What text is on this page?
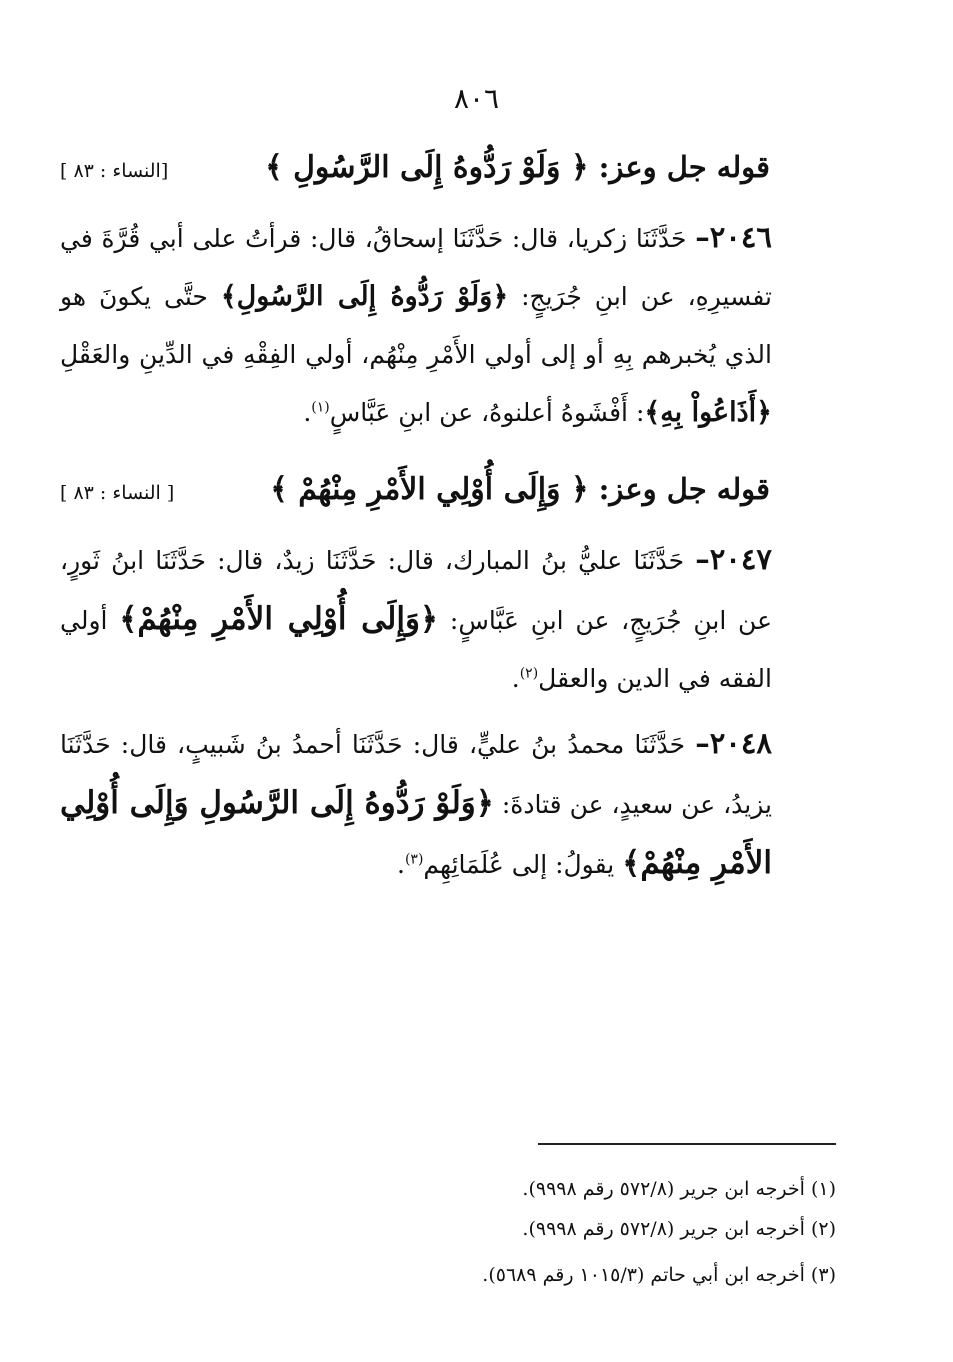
٨٠٦
قوله جل وعز: ﴿ وَلَوْ رَدُّوهُ إِلَى الرَّسُولِ ﴾
[النساء : ٨٣ ]
٢٠٤٦– حَدَّثَنَا زكريا، قال: حَدَّثَنَا إسحاقُ، قال: قرأتُ على أبي قُرَّةَ في تفسيرِهِ، عن ابنِ جُرَيجٍ: ﴿وَلَوْ رَدُّوهُ إِلَى الرَّسُولِ﴾ حتَّى يكونَ هو الذي يُخبرهم بِهِ أو إلى أولي الأَمْرِ مِنْهُم، أولي الفِقْهِ في الدِّينِ والعَقْلِ ﴿أَذَاعُواْ بِهِ﴾: أَفْشَوهُ أعلنوهُ، عن ابنِ عَبَّاسٍ$^{(١)}$.
قوله جل وعز: ﴿ وَإِلَى أُوْلِي الأَمْرِ مِنْهُمْ ﴾
[ النساء : ٨٣ ]
٢٠٤٧– حَدَّثَنَا عليُّ بنُ المبارك، قال: حَدَّثَنَا زيدٌ، قال: حَدَّثَنَا ابنُ ثَورٍ، عن ابنِ جُرَيجٍ، عن ابنِ عَبَّاسٍ: ﴿وَإِلَى أُوْلِي الأَمْرِ مِنْهُمْ﴾ أولي الفقه في الدين والعقل$^{(٢)}$.
٢٠٤٨– حَدَّثَنَا محمدُ بنُ عليٍّ، قال: حَدَّثَنَا أحمدُ بنُ شَبيبٍ، قال: حَدَّثَنَا يزيدُ، عن سعيدٍ، عن قتادةَ: ﴿وَلَوْ رَدُّوهُ إِلَى الرَّسُولِ وَإِلَى أُوْلِي الأَمْرِ مِنْهُمْ﴾ يقولُ: إلى عُلَمَائِهِم$^{(٣)}$.
(١) أخرجه ابن جرير (٥٧٢/٨ رقم ٩٩٩٨).
(٢) أخرجه ابن جرير (٥٧٢/٨ رقم ٩٩٩٨).
(٣) أخرجه ابن أبي حاتم (١٠١٥/٣ رقم ٥٦٨٩).
